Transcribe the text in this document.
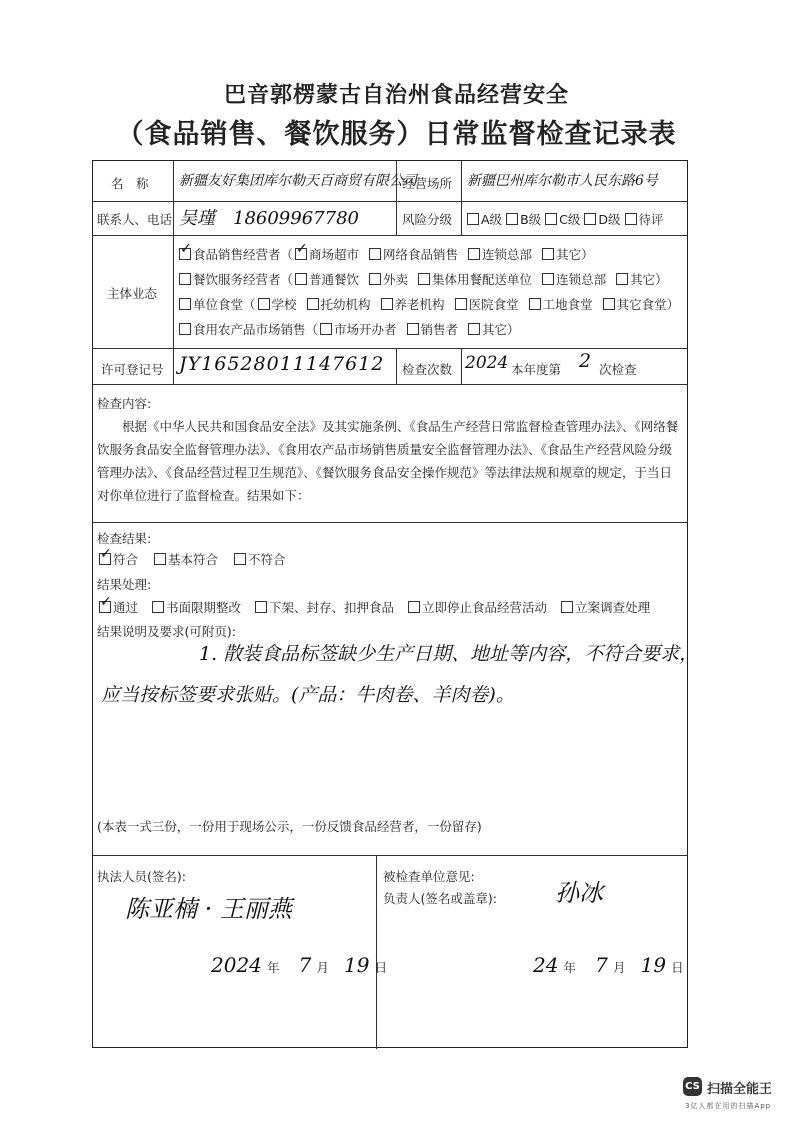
巴音郭楞蒙古自治州食品经营安全
（食品销售、餐饮服务）日常监督检查记录表
名　称 新疆友好集团库尔勒天百商贸有限公司
经营场所 新疆巴州库尔勒市人民东路6号
联系人、电话 吴瑾　18609967780	风险分级	A级 B级 C级 D级 待评
主体业态
✓食品销售经营者（✓ 商场超市 网络食品销售 连锁总部 其它）
餐饮服务经营者（ 普通餐饮 外卖 集体用餐配送单位 连锁总部 其它）
单位食堂（ 学校 托幼机构 养老机构 医院食堂 工地食堂 其它食堂）
食用农产品市场销售（ 市场开办者 销售者 其它）
许可登记号 JY16528011147612 检查次数 2024 本年度第 2 次检查
检查内容:
根据《中华人民共和国食品安全法》及其实施条例、《食品生产经营日常监督检查管理办法》、《网络餐饮服务食品安全监督管理办法》、《食用农产品市场销售质量安全监督管理办法》、《食品生产经营风险分级管理办法》、《食品经营过程卫生规范》、《餐饮服务食品安全操作规范》等法律法规和规章的规定，于当日对你单位进行了监督检查。结果如下：
检查结果:
✓符合 基本符合 不符合
结果处理:
✓通过 书面限期整改 下架、封存、扣押食品 立即停止食品经营活动 立案调查处理
结果说明及要求(可附页):
1. 散装食品标签缺少生产日期、地址等内容，不符合要求，
应当按标签要求张贴。(产品：牛肉卷、羊肉卷)。
(本表一式三份，一份用于现场公示，一份反馈食品经营者，一份留存)
执法人员(签名):
陈亚楠 · 王丽燕
2024 年 7 月 19 日
被检查单位意见:
负责人(签名或盖章): 孙冰
24 年 7 月 19 日
CS 扫描全能王
3亿人都在用的扫描App
